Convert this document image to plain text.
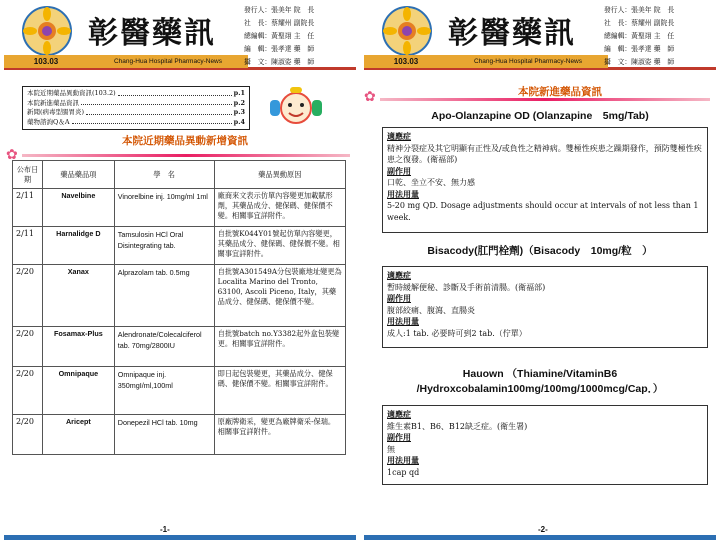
彰醫藥訊
103.03	Chang-Hua Hospital Pharmacy-News
發行人：張美年 院　長
社　長：蔡耀州 副院長
總編輯：黃聖翊 主　任
編　輯：張孝達 藥　師
攝　文：陳淑姿 藥　師
本院近期藥品異動資訊(103.2)	p.1
本院新進藥品資訊	p.2
新聞(病毒型腸胃炎)	p.3
藥物諮詢Q＆A	p.4
本院近期藥品異動新增資訊
✿
公布日期	藥品藥品項	學　名	藥品異動原因
2/11	Navelbine	Vinorelbine inj. 10mg/ml 1ml	廠商來文表示仿單內容變更加載賦形劑，其藥品成分、健保碼、健保價不變。相關事宜詳附件。
2/11	Harnalidge D	Tamsulosin HCl Oral Disintegrating tab.	自批號K044Y01號起仿單內容變更，其藥品成分、健保碼、健保價不變。相關事宜詳附件。
2/20	Xanax	Alprazolam tab. 0.5mg	自批號A301549A分包裝廠地址變更為Localita Marino del Tronto, 63100, Ascoli Piceno, Italy，其藥品成分、健保碼、健保價不變。
2/20	Fosamax-Plus	Alendronate/Colecalciferol tab. 70mg/2800IU	自批號batch no.Y3382起外盒包裝變更。相關事宜詳附件。
2/20	Omnipaque	Omnipaque inj. 350mgI/ml,100ml	即日起包裝變更，其藥品成分、健保碼、健保價不變。相關事宜詳附件。
2/20	Aricept	Donepezil HCl tab. 10mg	原廠牌衛采，變更為廠牌衛采-保瑞。相關事宜詳附件。
-1-
彰醫藥訊
103.03	Chang-Hua Hospital Pharmacy-News
發行人：張美年 院　長
社　長：蔡耀州 副院長
總編輯：黃聖翊 主　任
編　輯：張孝達 藥　師
攝　文：陳淑姿 藥　師
本院新進藥品資訊
✿
Apo-Olanzapine OD (Olanzapine　5mg/Tab)
適應症
精神分裂症及其它明顯有正性及/或負性之精神病。雙極性疾患之躁期發作，預防雙極性疾患之復發。(衛福部)
副作用
口乾、坐立不安、無力感
用法用量
5-20 mg QD. Dosage adjustments should occur at intervals of not less than 1 week.
Bisacody(肛門栓劑)（Bisacody　10mg/粒　）
適應症
暫時緩解便秘、診斷及手術前清腸。(衛福部)
副作用
腹部絞痛、腹瀉、直腸炎
用法用量
成人:1 tab. 必要時可到2 tab.（佇單）
Hauown （Thiamine/VitaminB6
/Hydroxcobalamin100mg/100mg/1000mcg/Cap．）
適應症
維生素B1、B6、B12缺乏症。(衛生署)
副作用
無
用法用量
1cap qd
-2-
